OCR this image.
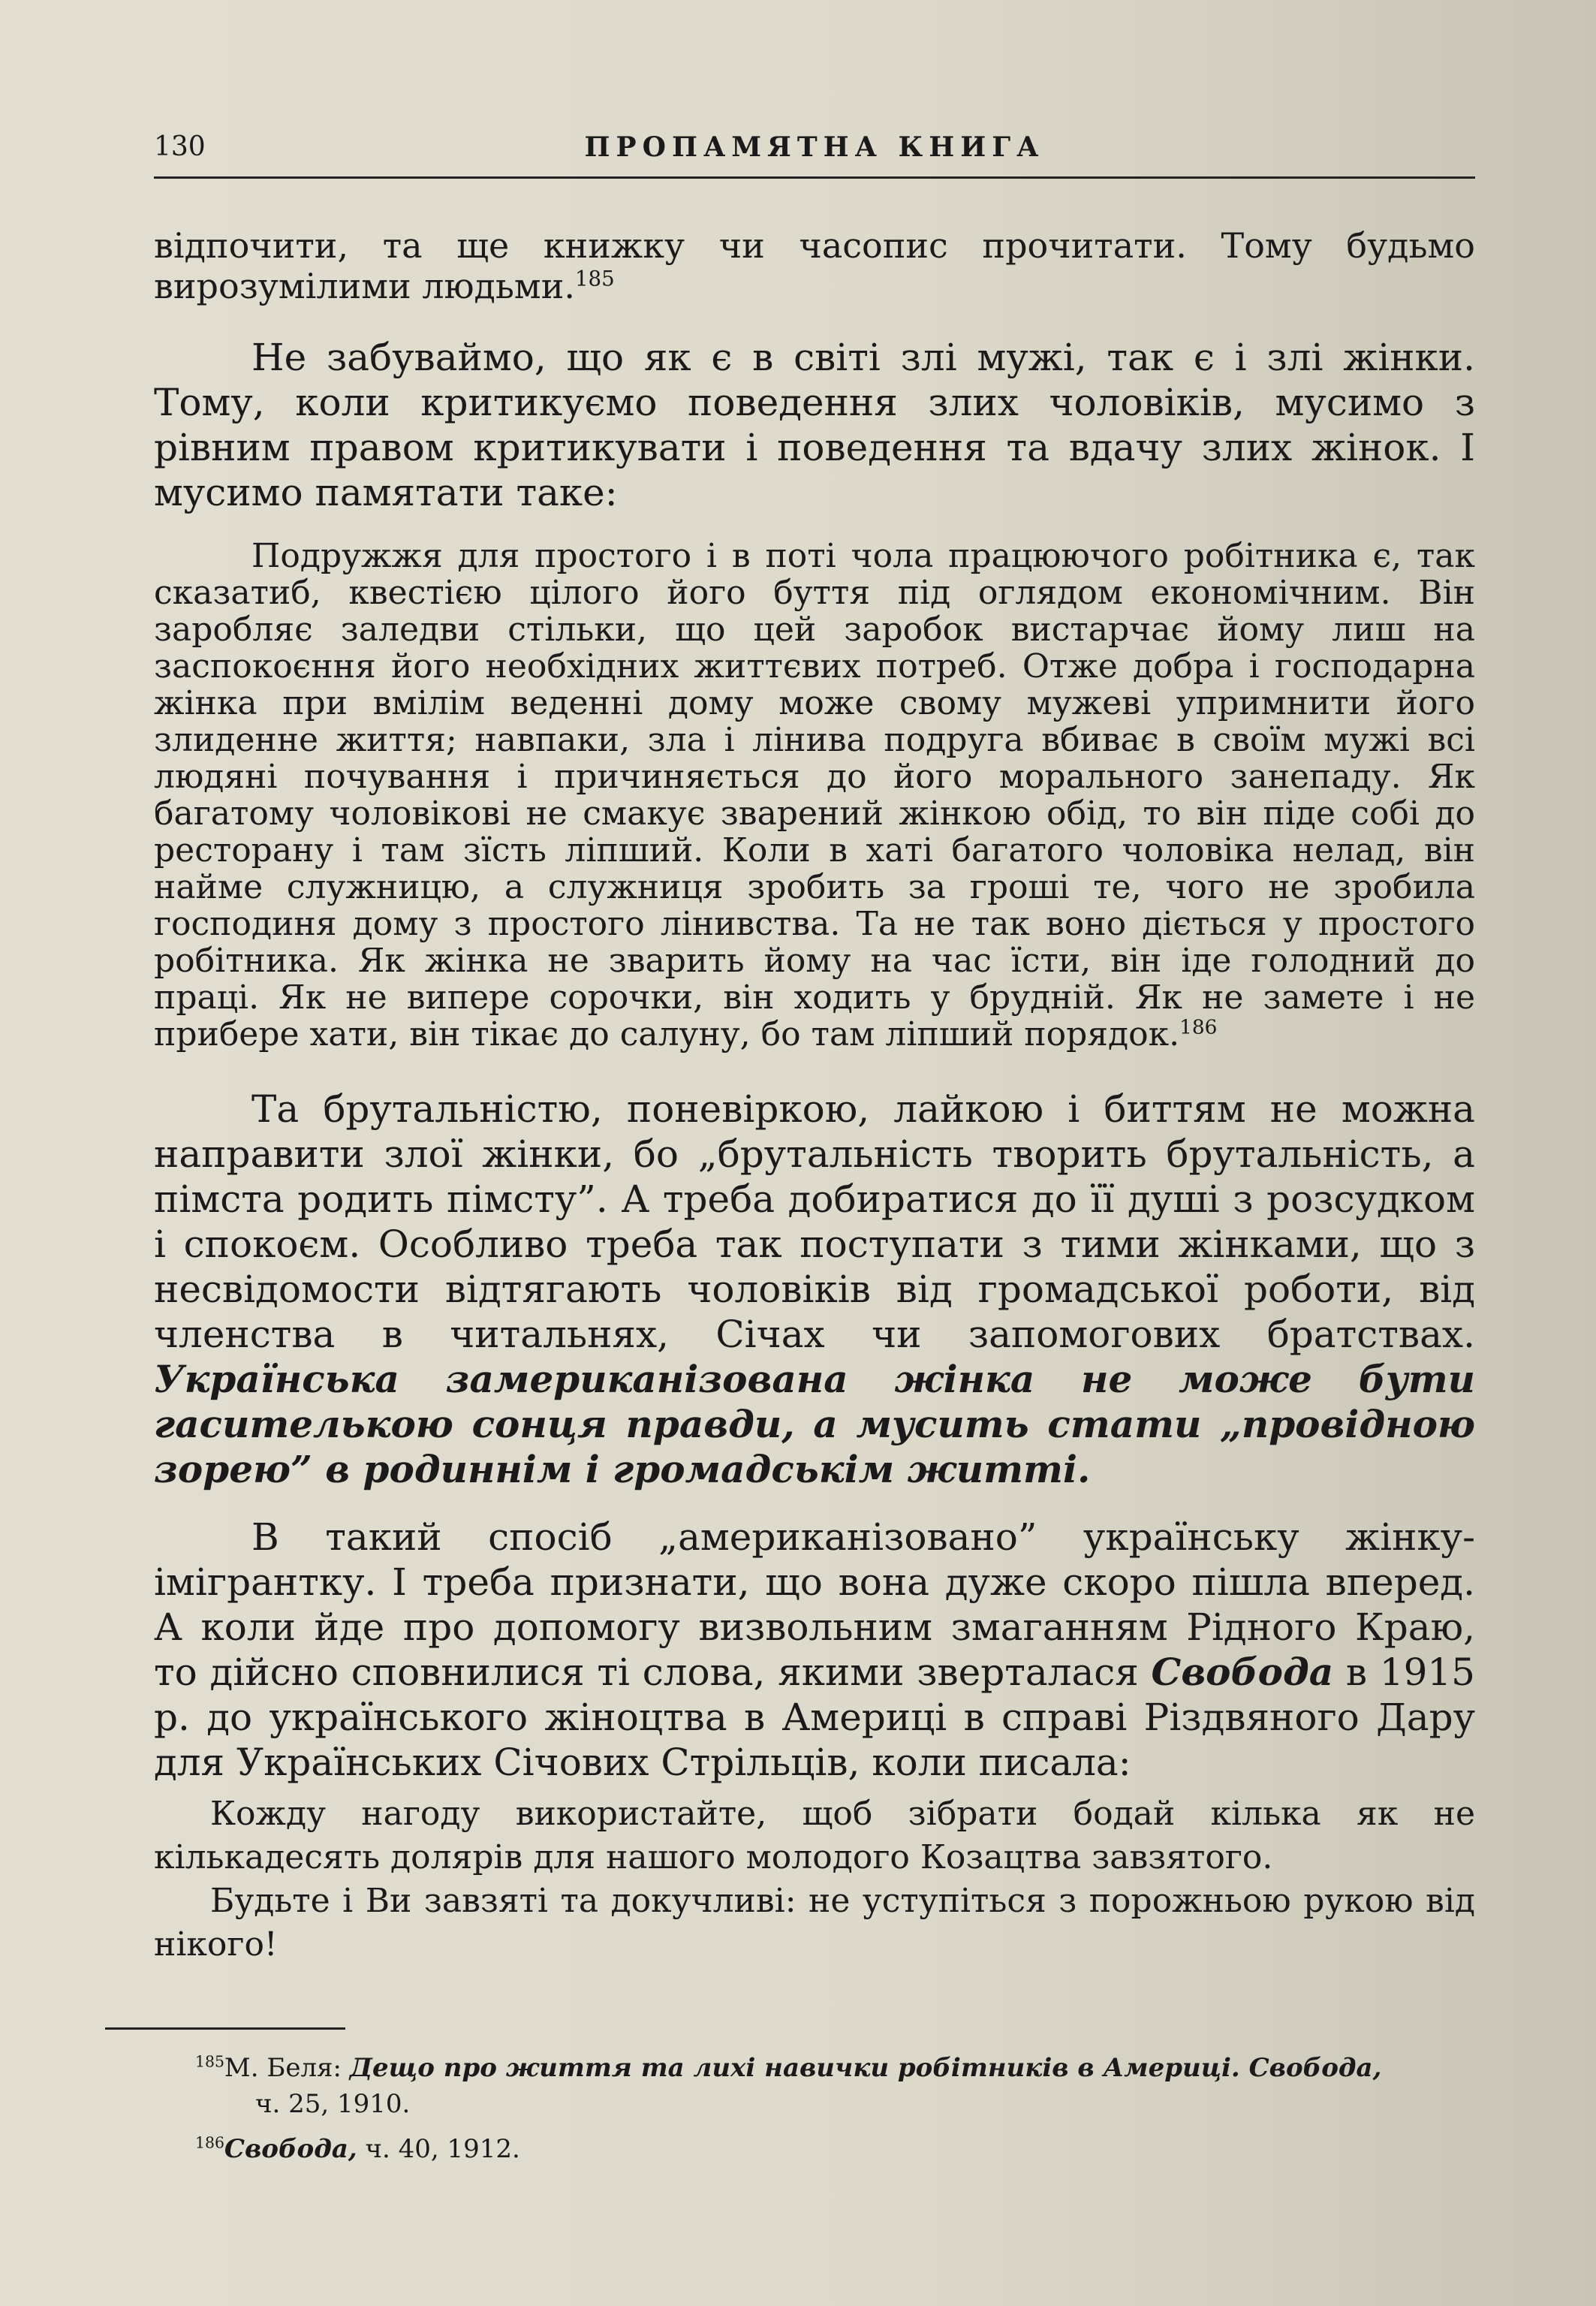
130	ПРОПАМЯТНА КНИГА

відпочити, та ще книжку чи часопис прочитати. Тому будьмо вирозумілими людьми.$^{185}$

Не забуваймо, що як є в світі злі мужі, так є і злі жінки. Тому, коли критикуємо поведення злих чоловіків, мусимо з рівним правом критикувати і поведення та вдачу злих жінок. І мусимо памятати таке:

Подружжя для простого і в поті чола працюючого робітника є, так сказатиб, квестією цілого його буття під оглядом економічним. Він заробляє заледви стільки, що цей заробок вистарчає йому лиш на заспокоєння його необхідних життєвих потреб. Отже добра і господарна жінка при вмілім веденні дому може свому мужеві упримнити його злиденне життя; навпаки, зла і лінива подруга вбиває в своїм мужі всі людяні почування і причиняється до його морального занепаду. Як багатому чоловікові не смакує зварений жінкою обід, то він піде собі до ресторану і там зїсть ліпший. Коли в хаті багатого чоловіка нелад, він найме служницю, а служниця зробить за гроші те, чого не зробила господиня дому з простого лінивства. Та не так воно діється у простого робітника. Як жінка не зварить йому на час їсти, він іде голодний до праці. Як не випере сорочки, він ходить у брудній. Як не замете і не прибере хати, він тікає до салуну, бо там ліпший порядок.$^{186}$

Та брутальністю, поневіркою, лайкою і биттям не можна направити злої жінки, бо „брутальність творить брутальність, а пімста родить пімсту”. А треба добиратися до її душі з розсудком і спокоєм. Особливо треба так поступати з тими жінками, що з несвідомости відтягають чоловіків від громадської роботи, від членства в читальнях, Січах чи запомогових братствах. Українська замериканізована жінка не може бути гасителькою сонця правди, а мусить стати „провідною зорею” в родиннім і громадськім житті.

В такий спосіб „американізовано” українську жінку-імігрантку. І треба признати, що вона дуже скоро пішла вперед. А коли йде про допомогу визвольним змаганням Рідного Краю, то дійсно сповнилися ті слова, якими зверталася Свобода в 1915 р. до українського жіноцтва в Америці в справі Різдвяного Дару для Українських Січових Стрільців, коли писала:

Кожду нагоду використайте, щоб зібрати бодай кілька як не кількадесять долярів для нашого молодого Козацтва завзятого.

Будьте і Ви завзяті та докучливі: не уступіться з порожньою рукою від нікого!

$^{185}$М. Беля: Дещо про життя та лихі навички робітників в Америці. Свобода,
ч. 25, 1910.

$^{186}$Свобода, ч. 40, 1912.
